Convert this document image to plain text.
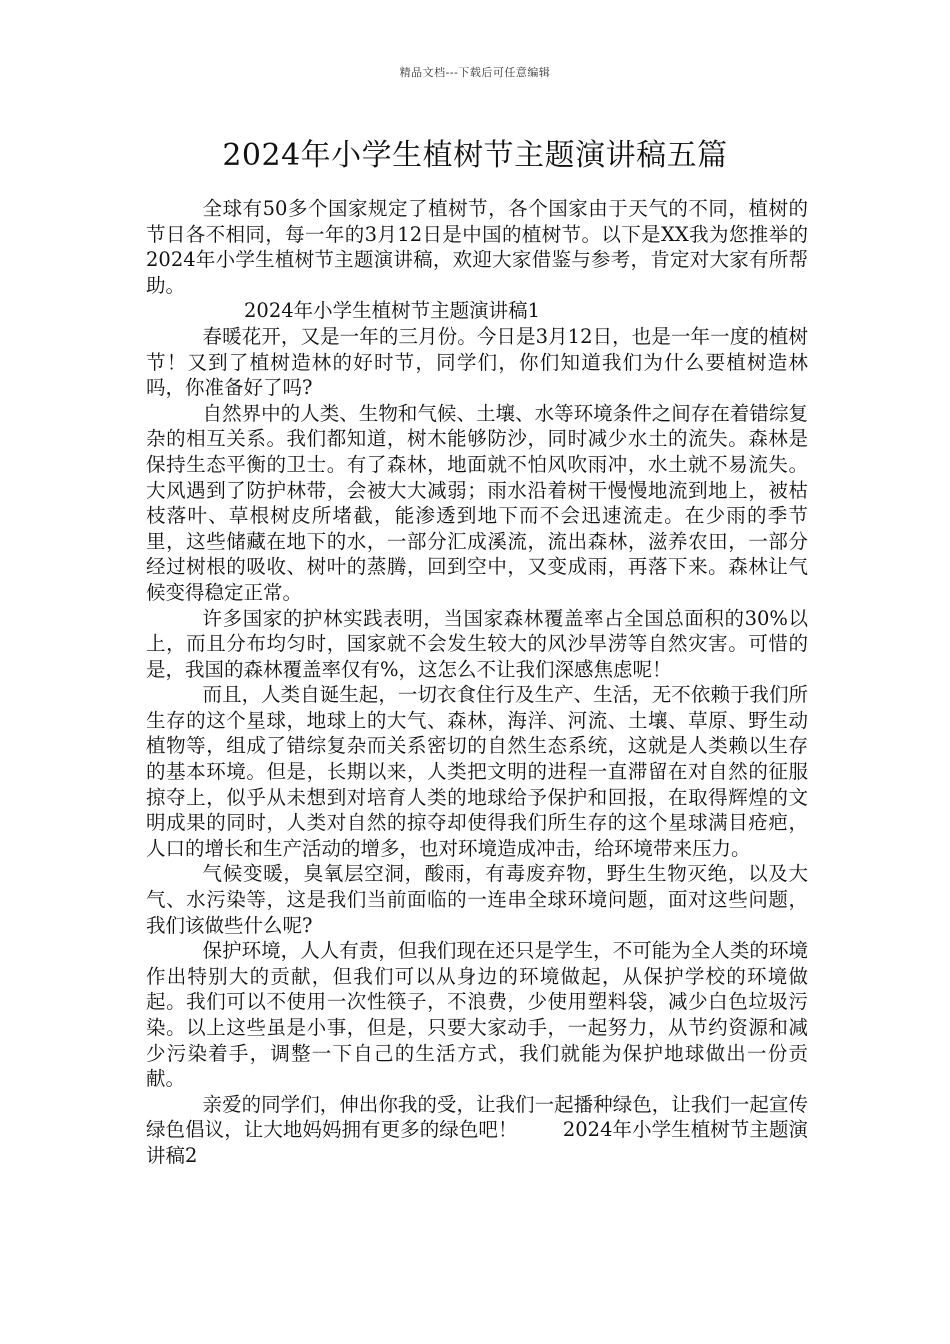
精品文档---下载后可任意编辑
2024年小学生植树节主题演讲稿五篇

全球有50多个国家规定了植树节，各个国家由于天气的不同，植树的节日各不相同，每一年的3月12日是中国的植树节。以下是XX我为您推举的2024年小学生植树节主题演讲稿，欢迎大家借鉴与参考，肯定对大家有所帮助。

2024年小学生植树节主题演讲稿1

春暖花开，又是一年的三月份。今日是3月12日，也是一年一度的植树节！又到了植树造林的好时节，同学们，你们知道我们为什么要植树造林吗，你准备好了吗?

自然界中的人类、生物和气候、土壤、水等环境条件之间存在着错综复杂的相互关系。我们都知道，树木能够防沙，同时减少水土的流失。森林是保持生态平衡的卫士。有了森林，地面就不怕风吹雨冲，水土就不易流失。大风遇到了防护林带，会被大大减弱；雨水沿着树干慢慢地流到地上，被枯枝落叶、草根树皮所堵截，能渗透到地下而不会迅速流走。在少雨的季节里，这些储藏在地下的水，一部分汇成溪流，流出森林，滋养农田，一部分经过树根的吸收、树叶的蒸腾，回到空中，又变成雨，再落下来。森林让气候变得稳定正常。

许多国家的护林实践表明，当国家森林覆盖率占全国总面积的30%以上，而且分布均匀时，国家就不会发生较大的风沙旱涝等自然灾害。可惜的是，我国的森林覆盖率仅有%，这怎么不让我们深感焦虑呢！

而且，人类自诞生起，一切衣食住行及生产、生活，无不依赖于我们所生存的这个星球，地球上的大气、森林，海洋、河流、土壤、草原、野生动植物等，组成了错综复杂而关系密切的自然生态系统，这就是人类赖以生存的基本环境。但是，长期以来，人类把文明的进程一直滞留在对自然的征服掠夺上，似乎从未想到对培育人类的地球给予保护和回报，在取得辉煌的文明成果的同时，人类对自然的掠夺却使得我们所生存的这个星球满目疮疤，人口的增长和生产活动的增多，也对环境造成冲击，给环境带来压力。

气候变暖，臭氧层空洞，酸雨，有毒废弃物，野生生物灭绝，以及大气、水污染等，这是我们当前面临的一连串全球环境问题，面对这些问题，我们该做些什么呢?

保护环境，人人有责，但我们现在还只是学生，不可能为全人类的环境作出特别大的贡献，但我们可以从身边的环境做起，从保护学校的环境做起。我们可以不使用一次性筷子，不浪费，少使用塑料袋，减少白色垃圾污染。以上这些虽是小事，但是，只要大家动手，一起努力，从节约资源和减少污染着手，调整一下自己的生活方式，我们就能为保护地球做出一份贡献。

亲爱的同学们，伸出你我的受，让我们一起播种绿色，让我们一起宣传绿色倡议，让大地妈妈拥有更多的绿色吧！　　 2024年小学生植树节主题演讲稿2
